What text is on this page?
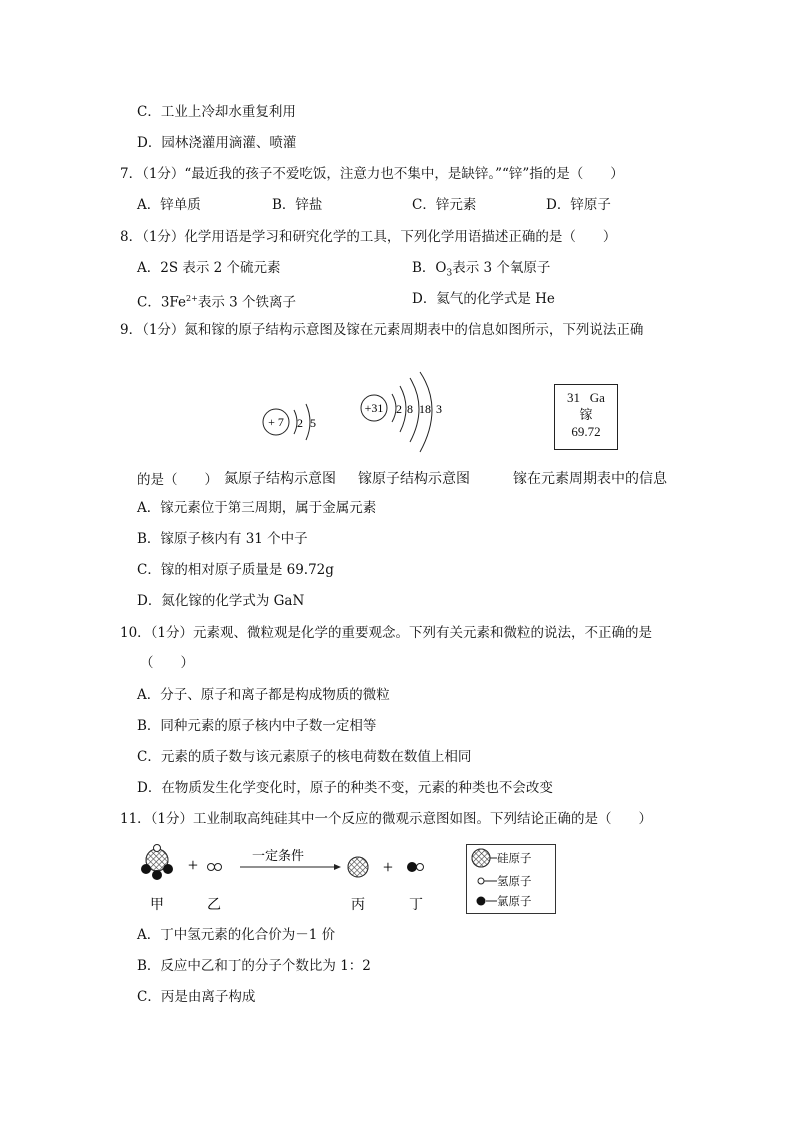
C．工业上冷却水重复利用
D．园林浇灌用滴灌、喷灌
7．（1分）“最近我的孩子不爱吃饭，注意力也不集中，是缺锌。”“锌”指的是（　　）
A．锌单质	B．锌盐	C．锌元素	D．锌原子
8．（1分）化学用语是学习和研究化学的工具，下列化学用语描述正确的是（　　）
A．2S 表示 2 个硫元素	B．$O_3$表示 3 个氧原子
C．$3Fe^{2+}$表示 3 个铁离子	D．氦气的化学式是 He
9．（1分）氮和镓的原子结构示意图及镓在元素周期表中的信息如图所示，下列说法正确
+ 7 2 5
+31 2 8 18 3
31 Ga
镓
69.72
的是（　　） 氮原子结构示意图 镓原子结构示意图	镓在元素周期表中的信息
A．镓元素位于第三周期，属于金属元素
B．镓原子核内有 31 个中子
C．镓的相对原子质量是 69.72g
D．氮化镓的化学式为 GaN
10．（1分）元素观、微粒观是化学的重要观念。下列有关元素和微粒的说法，不正确的是
（　　）
A．分子、原子和离子都是构成物质的微粒
B．同种元素的原子核内中子数一定相等
C．元素的质子数与该元素原子的核电荷数在数值上相同
D．在物质发生化学变化时，原子的种类不变，元素的种类也不会改变
11．（1分）工业制取高纯硅其中一个反应的微观示意图如图。下列结论正确的是（　　）
+	一定条件
+
甲	乙	丙	丁
硅原子
氢原子
氯原子
A．丁中氢元素的化合价为－1 价
B．反应中乙和丁的分子个数比为 1：2
C．丙是由离子构成
